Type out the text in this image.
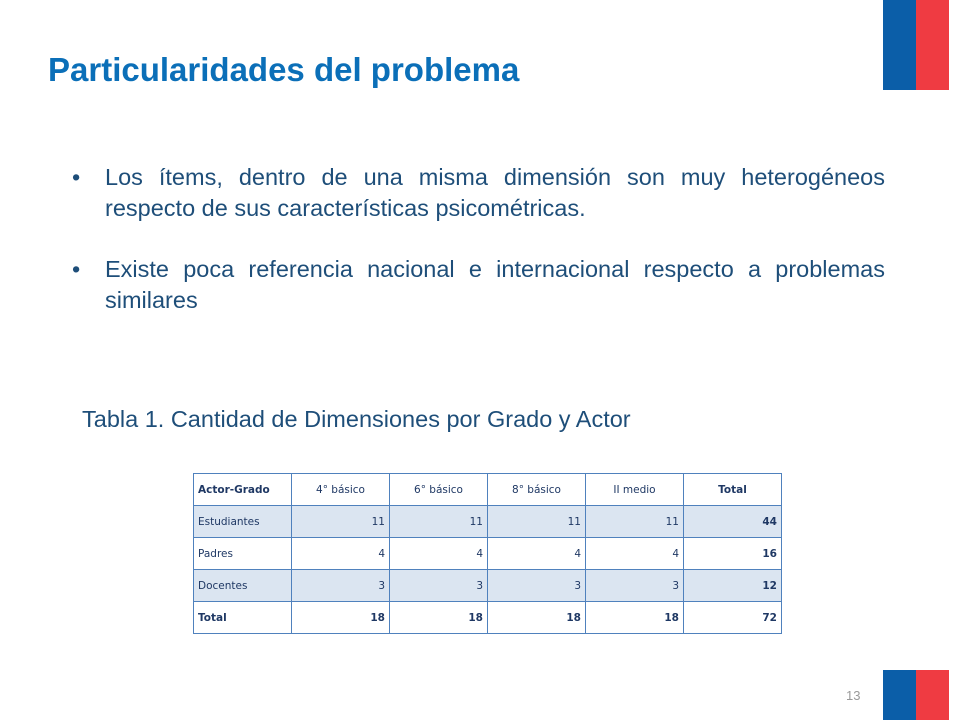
Particularidades del problema
• Los ítems, dentro de una misma dimensión son muy heterogéneos respecto de sus características psicométricas.
• Existe poca referencia nacional e internacional respecto a problemas similares
Tabla 1. Cantidad de Dimensiones por Grado y Actor
Actor-Grado	4° básico	6° básico	8° básico	II medio	Total
Estudiantes	11	11	11	11	44
Padres	4	4	4	4	16
Docentes	3	3	3	3	12
Total	18	18	18	18	72
13
